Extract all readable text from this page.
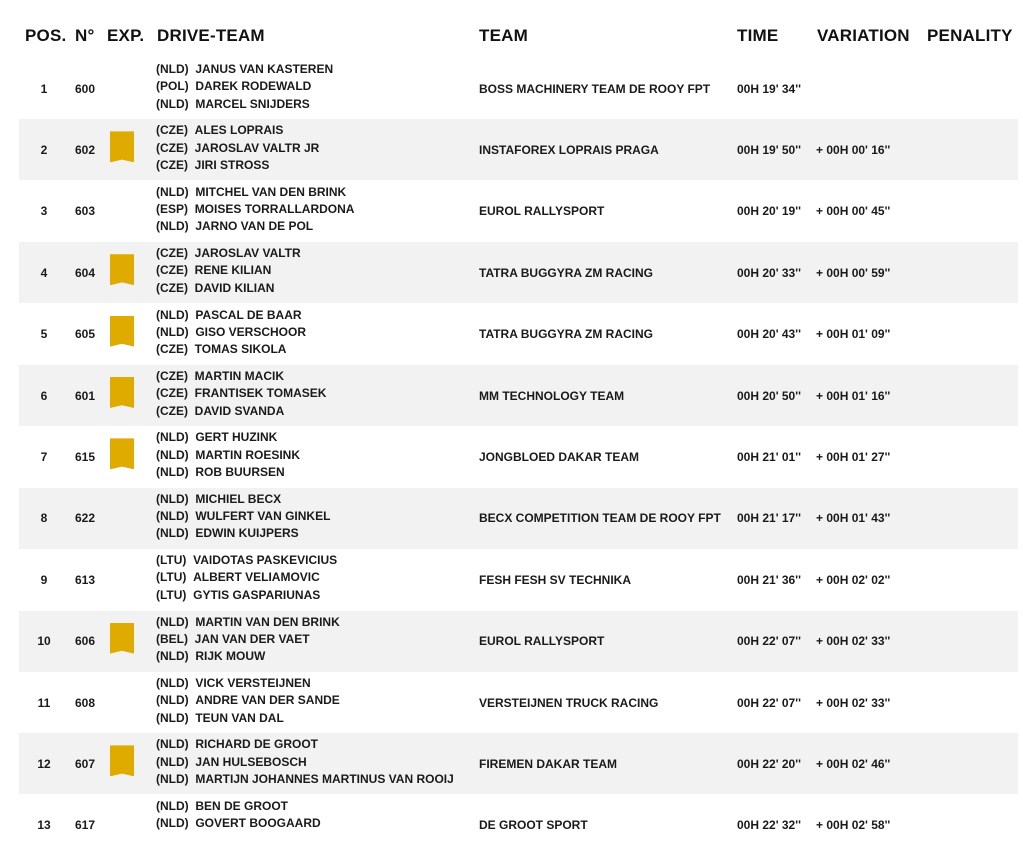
POS. N° EXP. DRIVE-TEAM	TEAM	TIME VARIATION PENALITY
1	600
(NLD) JANUS VAN KASTEREN
(POL) DAREK RODEWALD
(NLD) MARCEL SNIJDERS
BOSS MACHINERY TEAM DE ROOY FPT 00H 19' 34''
2	602
(CZE) ALES LOPRAIS
(CZE) JAROSLAV VALTR JR
(CZE) JIRI STROSS
INSTAFOREX LOPRAIS PRAGA	00H 19' 50'' + 00H 00' 16''
3	603
(NLD) MITCHEL VAN DEN BRINK
(ESP) MOISES TORRALLARDONA
(NLD) JARNO VAN DE POL
EUROL RALLYSPORT	00H 20' 19'' + 00H 00' 45''
4	604
(CZE) JAROSLAV VALTR
(CZE) RENE KILIAN
(CZE) DAVID KILIAN
TATRA BUGGYRA ZM RACING	00H 20' 33'' + 00H 00' 59''
5	605
(NLD) PASCAL DE BAAR
(NLD) GISO VERSCHOOR
(CZE) TOMAS SIKOLA
TATRA BUGGYRA ZM RACING	00H 20' 43'' + 00H 01' 09''
6	601
(CZE) MARTIN MACIK
(CZE) FRANTISEK TOMASEK
(CZE) DAVID SVANDA
MM TECHNOLOGY TEAM	00H 20' 50'' + 00H 01' 16''
7	615
(NLD) GERT HUZINK
(NLD) MARTIN ROESINK
(NLD) ROB BUURSEN
JONGBLOED DAKAR TEAM	00H 21' 01'' + 00H 01' 27''
8	622
(NLD) MICHIEL BECX
(NLD) WULFERT VAN GINKEL
(NLD) EDWIN KUIJPERS
BECX COMPETITION TEAM DE ROOY FPT 00H 21' 17'' + 00H 01' 43''
9	613
(LTU) VAIDOTAS PASKEVICIUS
(LTU) ALBERT VELIAMOVIC
(LTU) GYTIS GASPARIUNAS
FESH FESH SV TECHNIKA	00H 21' 36'' + 00H 02' 02''
10	606
(NLD) MARTIN VAN DEN BRINK
(BEL) JAN VAN DER VAET
(NLD) RIJK MOUW
EUROL RALLYSPORT	00H 22' 07'' + 00H 02' 33''
11	608
(NLD) VICK VERSTEIJNEN
(NLD) ANDRE VAN DER SANDE
(NLD) TEUN VAN DAL
VERSTEIJNEN TRUCK RACING	00H 22' 07'' + 00H 02' 33''
12	607
(NLD) RICHARD DE GROOT
(NLD) JAN HULSEBOSCH
(NLD) MARTIJN JOHANNES MARTINUS VAN ROOIJ
FIREMEN DAKAR TEAM	00H 22' 20'' + 00H 02' 46''
13	617
(NLD) BEN DE GROOT
(NLD) GOVERT BOOGAARD	DE GROOT SPORT	00H 22' 32'' + 00H 02' 58''
